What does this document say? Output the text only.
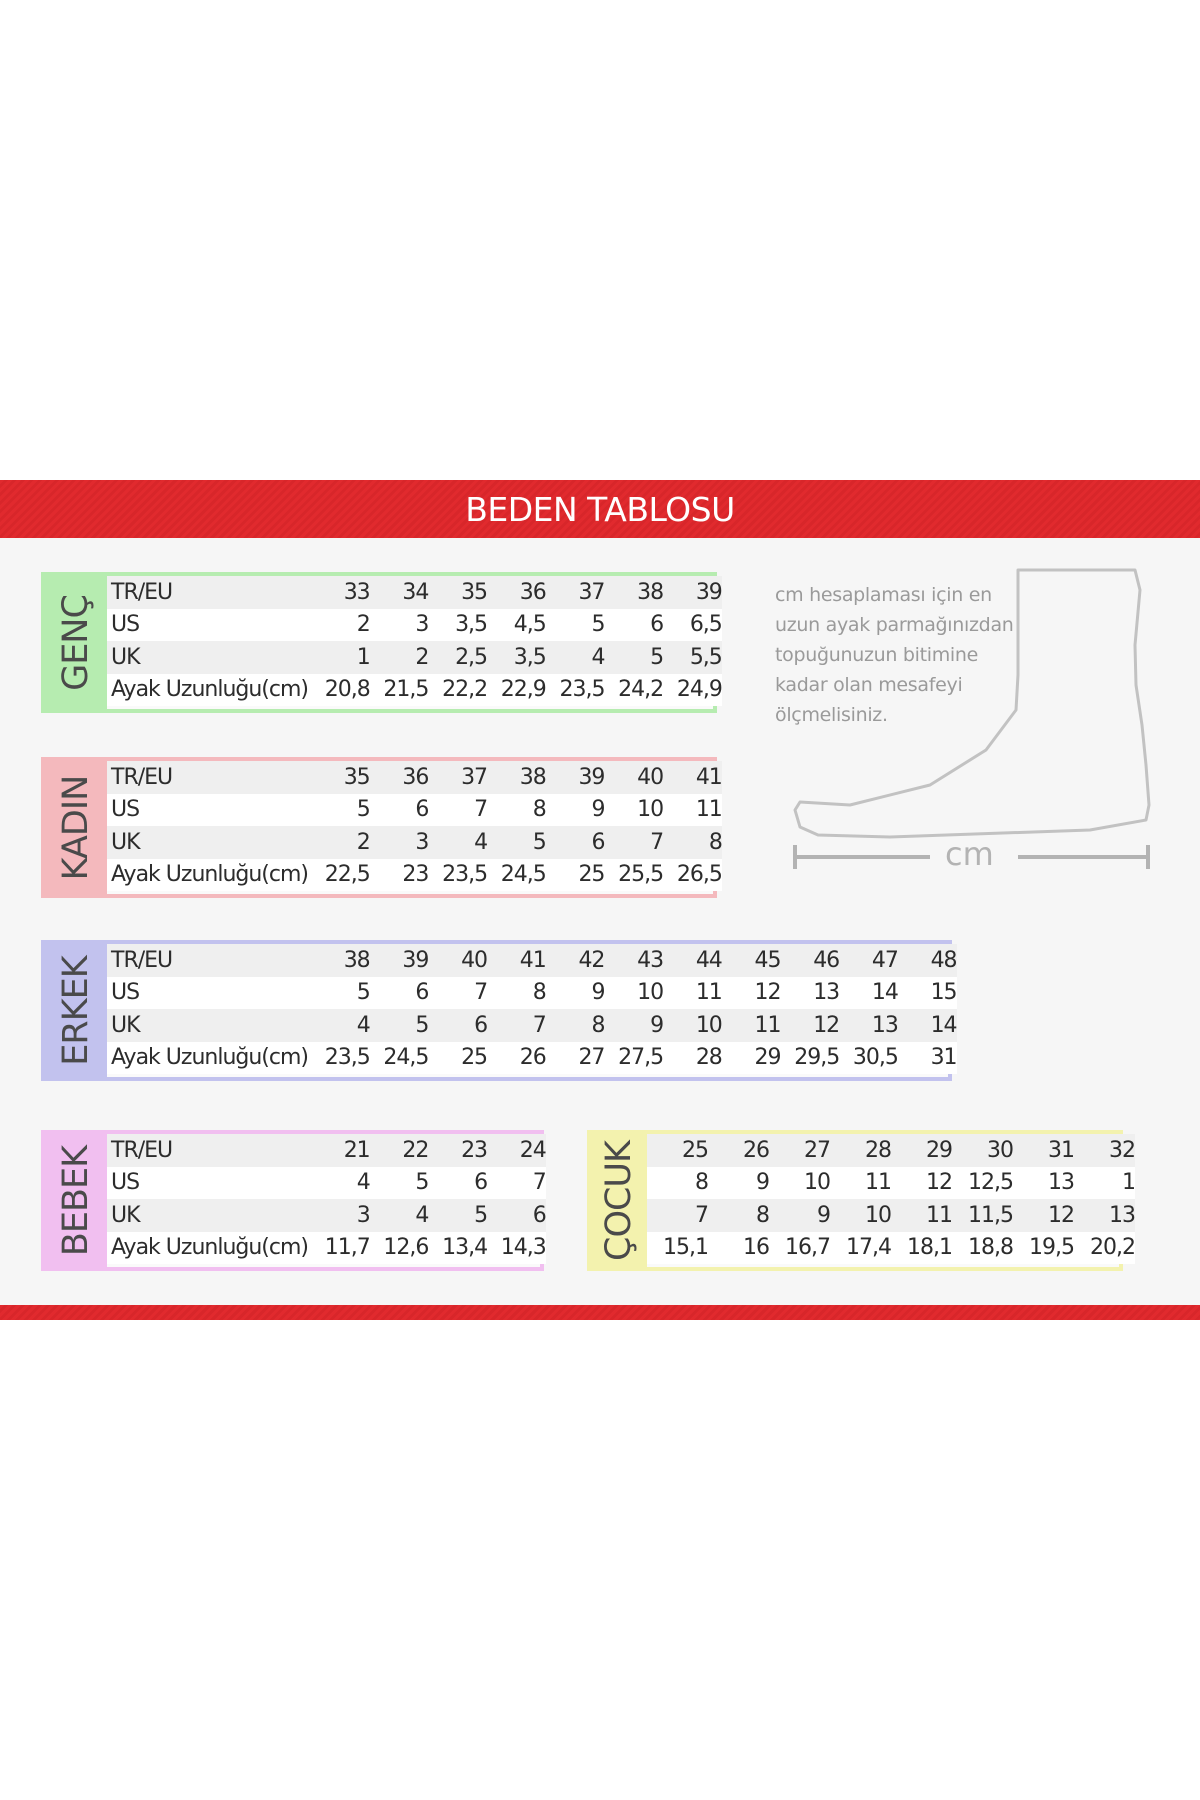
BEDEN TABLOSU
GENÇ
TR/EU	33	34	35	36	37	38	39
US	2	3	3,5	4,5	5	6	6,5
UK	1	2	2,5	3,5	4	5	5,5
Ayak Uzunluğu(cm) 20,8 21,5 22,2 22,9 23,5 24,2 24,9
KADIN TR/EU	35	36	37	38	39	40	41
US	5	6	7	8	9	10	11
UK	2	3	4	5	6	7	8
Ayak Uzunluğu(cm) 22,5	23 23,5 24,5	25 25,5 26,5
ERKEK TR/EU	38	39	40	41	42	43	44	45	46	47	48
US	5	6	7	8	9	10	11	12	13	14	15
UK	4	5	6	7	8	9	10	11	12	13	14
Ayak Uzunluğu(cm) 23,5 24,5	25	26	27 27,5	28	29 29,5 30,5	31
BEBEK TR/EU	21	22	23	24
US	4	5	6	7
UK	3	4	5	6
Ayak Uzunluğu(cm) 11,7 12,6 13,4 14,3 ÇOCUK	25	26	27	28	29	30	31	32
8	9	10	11	12 12,5	13	1
7	8	9	10	11 11,5	12	13
15,1	16 16,7 17,4 18,1 18,8 19,5 20,2
cm hesaplaması için en
uzun ayak parmağınızdan
topuğunuzun bitimine
kadar olan mesafeyi
ölçmelisiniz.
cm
